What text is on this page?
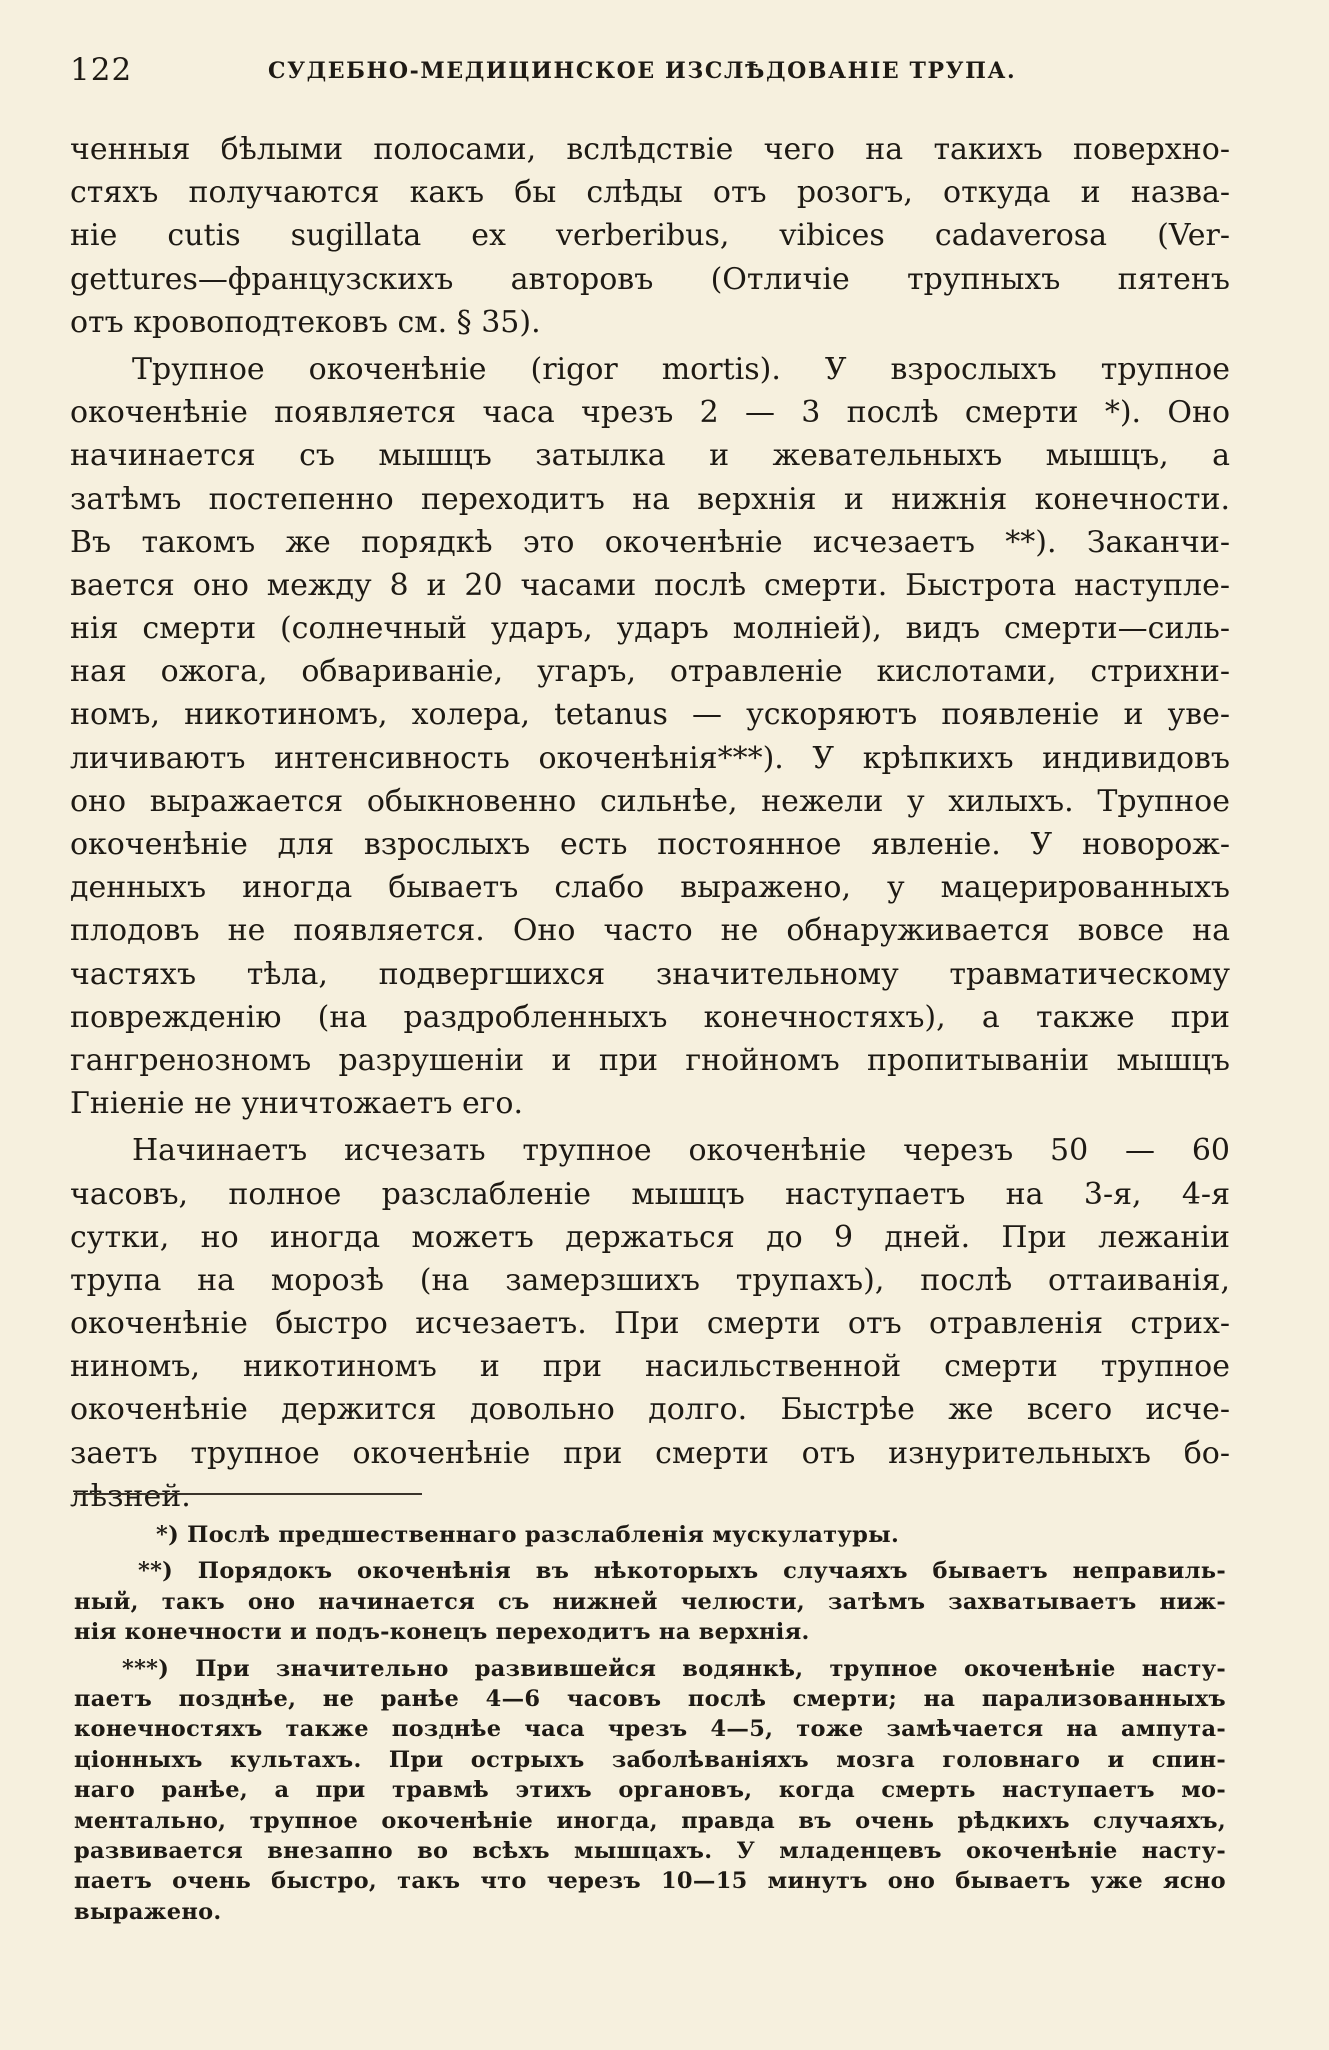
122	СУДЕБНО-МЕДИЦИНСКОЕ ИЗСЛѢДОВАНІЕ ТРУПА.
ченныя бѣлыми полосами, вслѣдствіе чего на такихъ поверхно-
стяхъ получаются какъ бы слѣды отъ розогъ, откуда и назва-
ніе cutis sugillata ex verberibus, vibices cadaverosa (Ver-
gettures—французскихъ авторовъ (Отличіе трупныхъ пятенъ
отъ кровоподтековъ см. § 35).
Трупное окоченѣніе (rigor mortis). У взрослыхъ трупное
окоченѣніе появляется часа чрезъ 2 — 3 послѣ смерти *). Оно
начинается съ мышцъ затылка и жевательныхъ мышцъ, а
затѣмъ постепенно переходитъ на верхнія и нижнія конечности.
Въ такомъ же порядкѣ это окоченѣніе исчезаетъ **). Заканчи-
вается оно между 8 и 20 часами послѣ смерти. Быстрота наступле-
нія смерти (солнечный ударъ, ударъ молніей), видъ смерти—силь-
ная ожога, обвариваніе, угаръ, отравленіе кислотами, стрихни-
номъ, никотиномъ, холера, tetanus — ускоряютъ появленіе и уве-
личиваютъ интенсивность окоченѣнія***). У крѣпкихъ индивидовъ
оно выражается обыкновенно сильнѣе, нежели у хилыхъ. Трупное
окоченѣніе для взрослыхъ есть постоянное явленіе. У новорож-
денныхъ иногда бываетъ слабо выражено, у мацерированныхъ
плодовъ не появляется. Оно часто не обнаруживается вовсе на
частяхъ тѣла, подвергшихся значительному травматическому
поврежденію (на раздробленныхъ конечностяхъ), а также при
гангренозномъ разрушеніи и при гнойномъ пропитываніи мышцъ
Гніеніе не уничтожаетъ его.
Начинаетъ исчезать трупное окоченѣніе черезъ 50 — 60
часовъ, полное разслабленіе мышцъ наступаетъ на 3-я, 4-я
сутки, но иногда можетъ держаться до 9 дней. При лежаніи
трупа на морозѣ (на замерзшихъ трупахъ), послѣ оттаиванія,
окоченѣніе быстро исчезаетъ. При смерти отъ отравленія стрих-
ниномъ, никотиномъ и при насильственной смерти трупное
окоченѣніе держится довольно долго. Быстрѣе же всего исче-
заетъ трупное окоченѣніе при смерти отъ изнурительныхъ бо-
лѣзней.
*) Послѣ предшественнаго разслабленія мускулатуры.
**) Порядокъ окоченѣнія въ нѣкоторыхъ случаяхъ бываетъ неправиль-
ный, такъ оно начинается съ нижней челюсти, затѣмъ захватываетъ ниж-
нія конечности и подъ-конецъ переходитъ на верхнія.
***) При значительно развившейся водянкѣ, трупное окоченѣніе насту-
паетъ позднѣе, не ранѣе 4—6 часовъ послѣ смерти; на парализованныхъ
конечностяхъ также позднѣе часа чрезъ 4—5, тоже замѣчается на ампута-
ціонныхъ культахъ. При острыхъ заболѣваніяхъ мозга головнаго и спин-
наго ранѣе, а при травмѣ этихъ органовъ, когда смерть наступаетъ мо-
ментально, трупное окоченѣніе иногда, правда въ очень рѣдкихъ случаяхъ,
развивается внезапно во всѣхъ мышцахъ. У младенцевъ окоченѣніе насту-
паетъ очень быстро, такъ что черезъ 10—15 минутъ оно бываетъ уже ясно
выражено.
